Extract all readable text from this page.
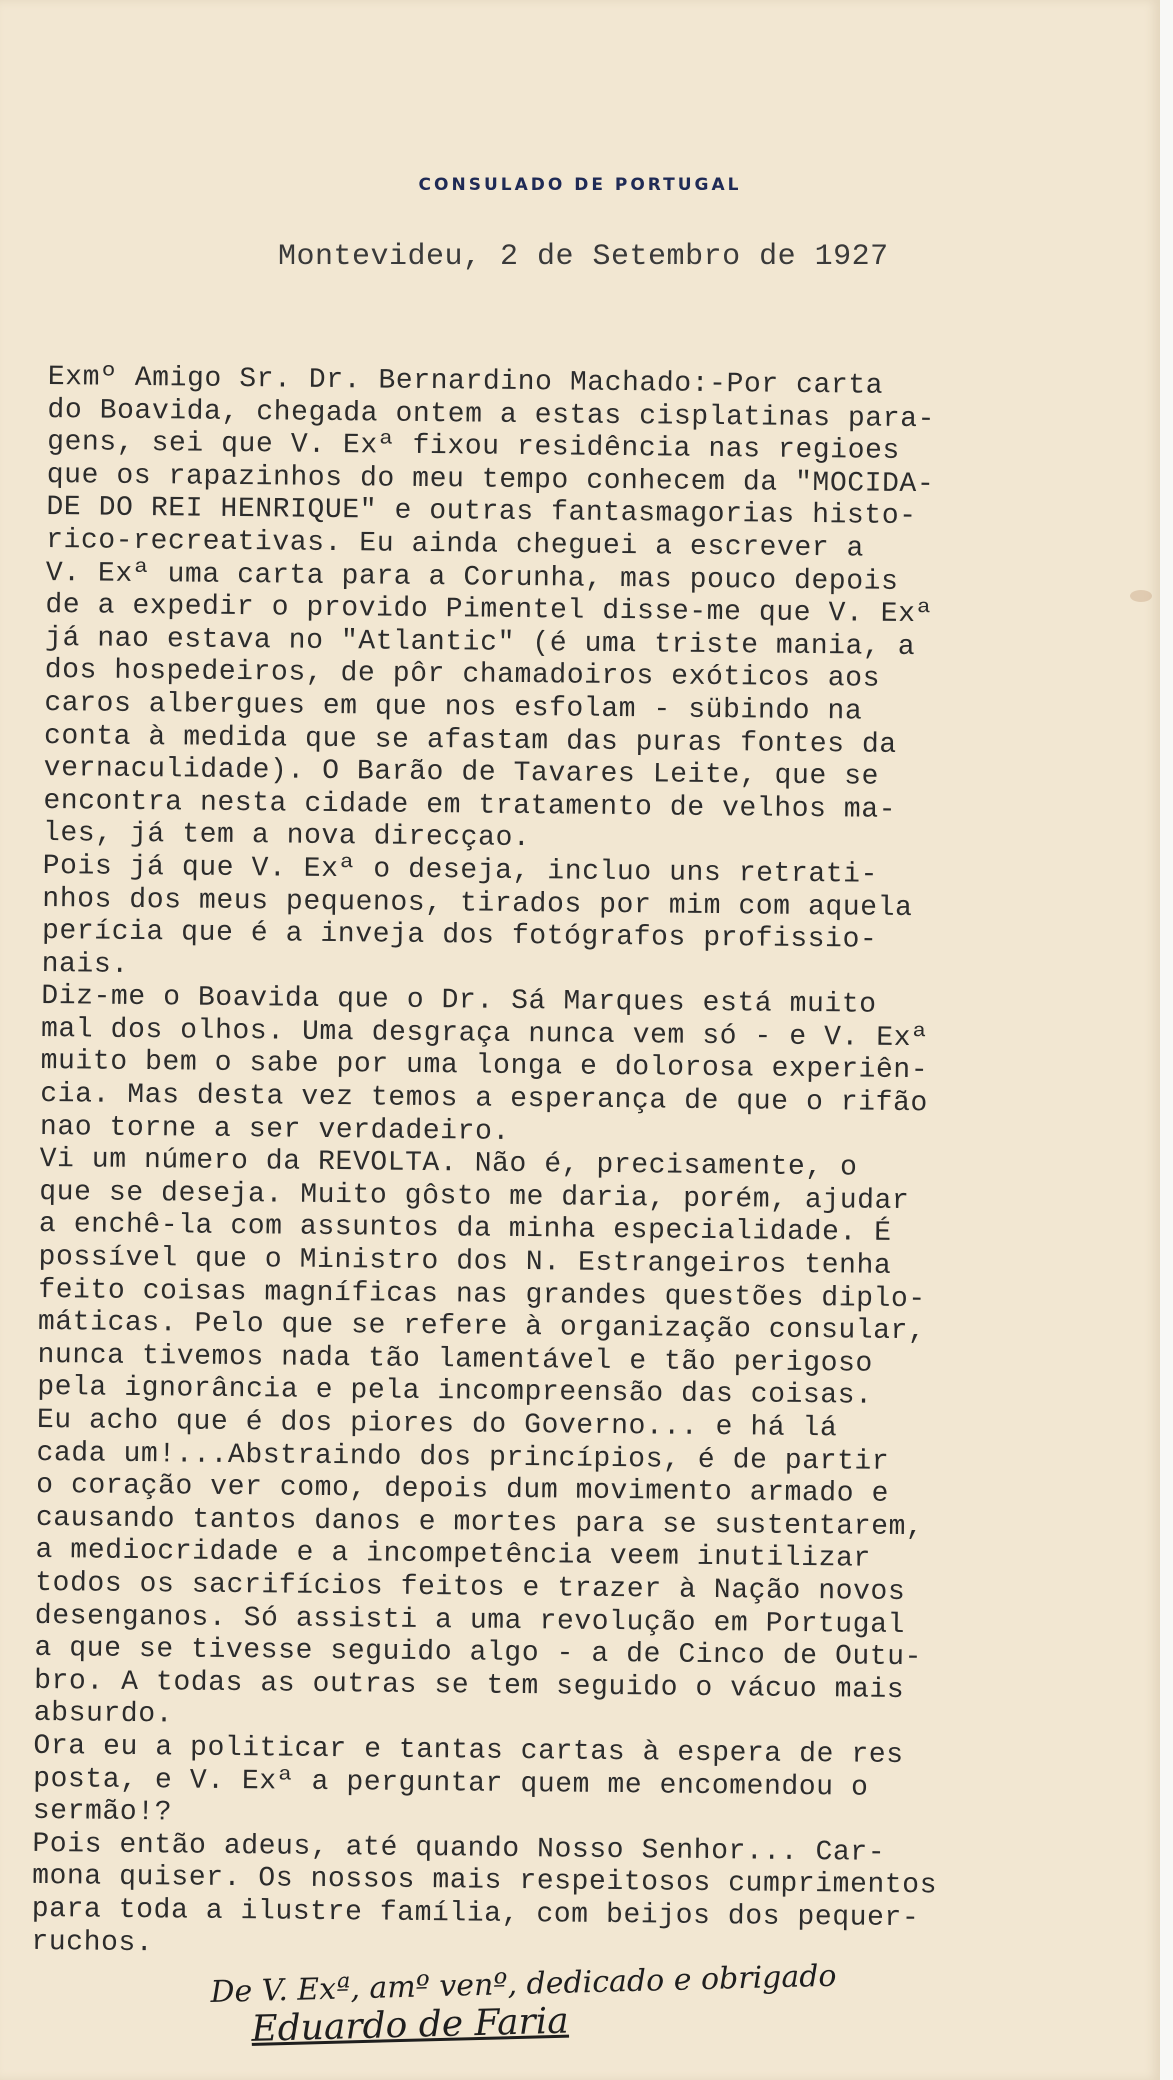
CONSULADO DE PORTUGAL
Montevideu, 2 de Setembro de 1927
Exmº Amigo Sr. Dr. Bernardino Machado:-Por carta
do Boavida, chegada ontem a estas cisplatinas para-
gens, sei que V. Exª fixou residência nas regioes
que os rapazinhos do meu tempo conhecem da "MOCIDA-
DE DO REI HENRIQUE" e outras fantasmagorias histo-
rico-recreativas. Eu ainda cheguei a escrever a
V. Exª uma carta para a Corunha, mas pouco depois
de a expedir o provido Pimentel disse-me que V. Exª
já nao estava no "Atlantic" (é uma triste mania, a
dos hospedeiros, de pôr chamadoiros exóticos aos
caros albergues em que nos esfolam - sübindo na
conta à medida que se afastam das puras fontes da
vernaculidade). O Barão de Tavares Leite, que se
encontra nesta cidade em tratamento de velhos ma-
les, já tem a nova direcçao.
Pois já que V. Exª o deseja, incluo uns retrati-
nhos dos meus pequenos, tirados por mim com aquela
perícia que é a inveja dos fotógrafos profissio-
nais.
Diz-me o Boavida que o Dr. Sá Marques está muito
mal dos olhos. Uma desgraça nunca vem só - e V. Exª
muito bem o sabe por uma longa e dolorosa experiên-
cia. Mas desta vez temos a esperança de que o rifão
nao torne a ser verdadeiro.
Vi um número da REVOLTA. Não é, precisamente, o
que se deseja. Muito gôsto me daria, porém, ajudar
a enchê-la com assuntos da minha especialidade. É
possível que o Ministro dos N. Estrangeiros tenha
feito coisas magníficas nas grandes questões diplo-
máticas. Pelo que se refere à organização consular,
nunca tivemos nada tão lamentável e tão perigoso
pela ignorância e pela incompreensão das coisas.
Eu acho que é dos piores do Governo... e há lá
cada um!...Abstraindo dos princípios, é de partir
o coração ver como, depois dum movimento armado e
causando tantos danos e mortes para se sustentarem,
a mediocridade e a incompetência veem inutilizar
todos os sacrifícios feitos e trazer à Nação novos
desenganos. Só assisti a uma revolução em Portugal
a que se tivesse seguido algo - a de Cinco de Outu-
bro. A todas as outras se tem seguido o vácuo mais
absurdo.
Ora eu a politicar e tantas cartas à espera de res
posta, e V. Exª a perguntar quem me encomendou o
sermão!?
Pois então adeus, até quando Nosso Senhor... Car-
mona quiser. Os nossos mais respeitosos cumprimentos
para toda a ilustre família, com beijos dos pequer-
ruchos.
De V. Exª, amº venº, dedicado e obrigado Eduardo de Faria
